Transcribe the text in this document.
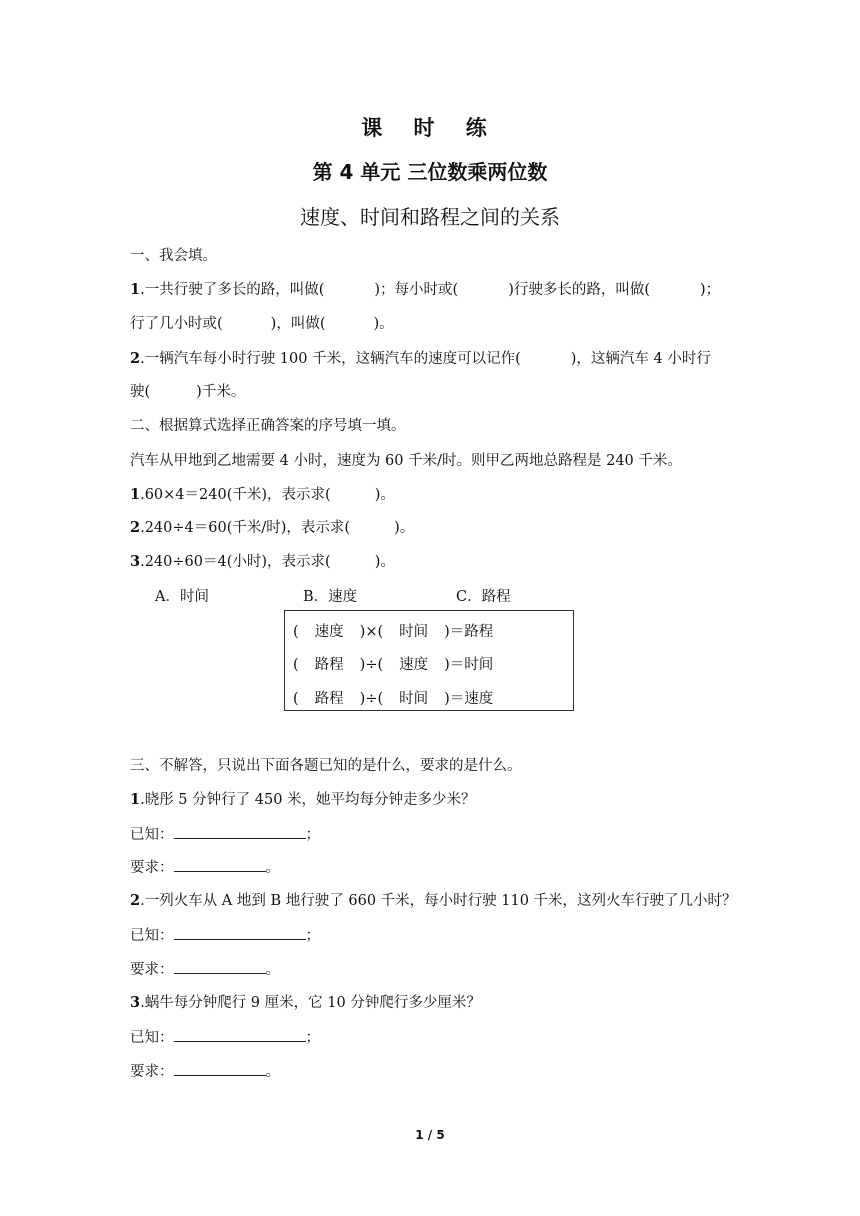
课 时 练
第 4 单元 三位数乘两位数
速度、时间和路程之间的关系
一、我会填。
1.一共行驶了多长的路，叫做(	)；每小时或(	)行驶多长的路，叫做(	)；
行了几小时或(	)，叫做(	)。
2.一辆汽车每小时行驶 100 千米，这辆汽车的速度可以记作(	)，这辆汽车 4 小时行
驶(	)千米。
二、根据算式选择正确答案的序号填一填。
汽车从甲地到乙地需要 4 小时，速度为 60 千米/时。则甲乙两地总路程是 240 千米。
1.60×4＝240(千米)，表示求(	)。
2.240÷4＝60(千米/时)，表示求(	)。
3.240÷60＝4(小时)，表示求(	)。
A．时间	B．速度	C．路程
( 速度 )×( 时间 )＝路程
( 路程 )÷( 速度 )＝时间
( 路程 )÷( 时间 )＝速度
三、不解答，只说出下面各题已知的是什么，要求的是什么。
1.晓彤 5 分钟行了 450 米，她平均每分钟走多少米？
已知：	；
要求：	。
2.一列火车从 A 地到 B 地行驶了 660 千米，每小时行驶 110 千米，这列火车行驶了几小时？
已知：	；
要求：	。
3.蜗牛每分钟爬行 9 厘米，它 10 分钟爬行多少厘米？
已知：	；
要求：	。
1 / 5
